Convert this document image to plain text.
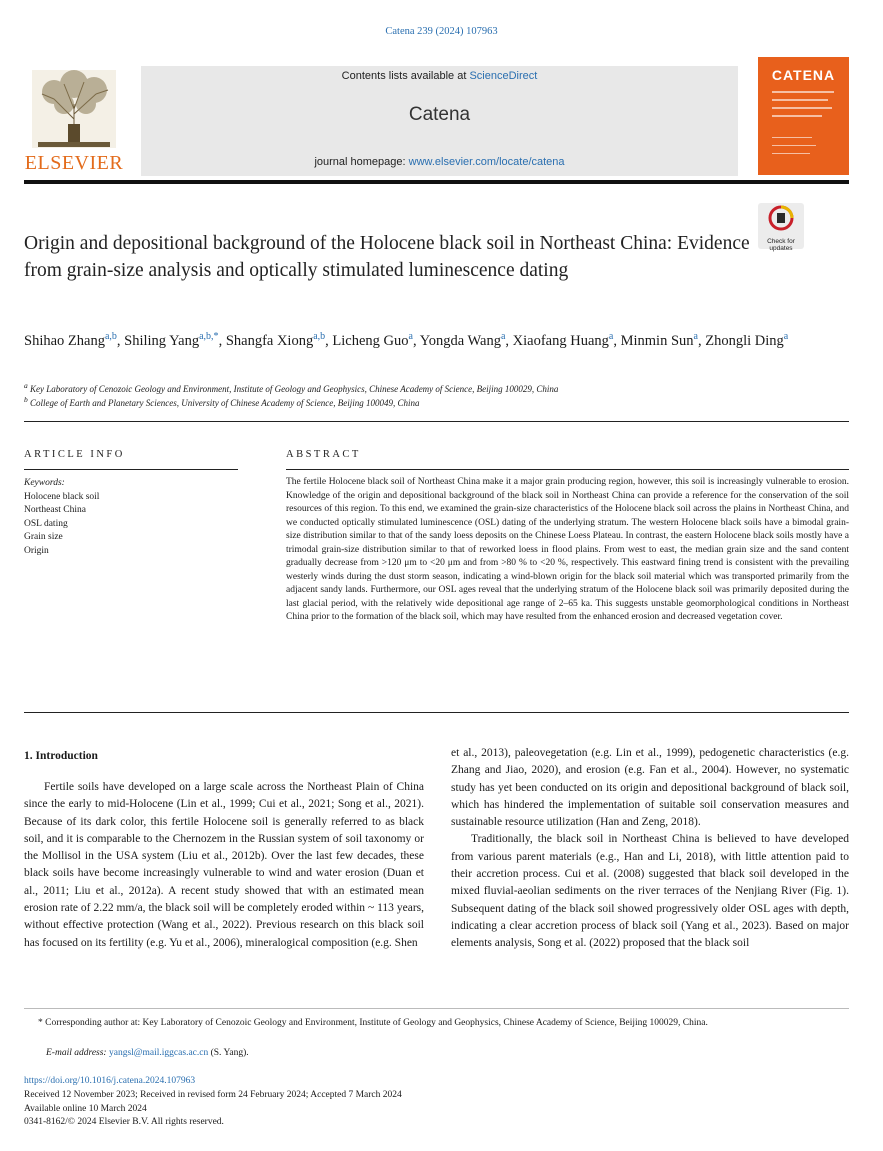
Catena 239 (2024) 107963
ELSEVIER
Contents lists available at ScienceDirect
Catena
journal homepage: www.elsevier.com/locate/catena
CATENA
Check for updates
Origin and depositional background of the Holocene black soil in Northeast China: Evidence from grain-size analysis and optically stimulated luminescence dating
Shihao Zhang$^{a,b}$, Shiling Yang$^{a,b,*}$, Shangfa Xiong$^{a,b}$, Licheng Guo$^a$, Yongda Wang$^a$, Xiaofang Huang$^a$, Minmin Sun$^a$, Zhongli Ding$^a$
$^a$ Key Laboratory of Cenozoic Geology and Environment, Institute of Geology and Geophysics, Chinese Academy of Science, Beijing 100029, China
$^b$ College of Earth and Planetary Sciences, University of Chinese Academy of Science, Beijing 100049, China
ARTICLE INFO	ABSTRACT
Keywords:
Holocene black soil
Northeast China
OSL dating
Grain size
Origin
The fertile Holocene black soil of Northeast China make it a major grain producing region, however, this soil is increasingly vulnerable to erosion. Knowledge of the origin and depositional background of the black soil in Northeast China can provide a reference for the conservation of the soil resources of this region. To this end, we examined the grain-size characteristics of the Holocene black soil across the plains in Northeast China, and we conducted optically stimulated luminescence (OSL) dating of the underlying stratum. The western Holocene black soils have a bimodal grain-size distribution similar to that of the sandy loess deposits on the Chinese Loess Plateau. In contrast, the eastern Holocene black soils mostly have a trimodal grain-size distribution similar to that of reworked loess in flood plains. From west to east, the median grain size and the sand content gradually decrease from >120 μm to <20 μm and from >80 % to <20 %, respectively. This eastward fining trend is consistent with the prevailing westerly winds during the dust storm season, indicating a wind-blown origin for the black soil material which was transported primarily from the adjacent sandy lands. Furthermore, our OSL ages reveal that the underlying stratum of the Holocene black soil was primarily deposited during the last glacial period, with the relatively wide depositional age range of 2–65 ka. This suggests unstable geomorphological conditions in Northeast China prior to the formation of the black soil, which may have resulted from the enhanced erosion and decreased vegetation cover.
1. Introduction

Fertile soils have developed on a large scale across the Northeast Plain of China since the early to mid-Holocene (Lin et al., 1999; Cui et al., 2021; Song et al., 2021). Because of its dark color, this fertile Holocene soil is generally referred to as black soil, and it is comparable to the Chernozem in the Russian system of soil taxonomy or the Mollisol in the USA system (Liu et al., 2012b). Over the last few decades, these black soils have become increasingly vulnerable to wind and water erosion (Duan et al., 2011; Liu et al., 2012a). A recent study showed that with an estimated mean erosion rate of 2.22 mm/a, the black soil will be completely eroded within ~ 113 years, without effective protection (Wang et al., 2022). Previous research on this black soil has focused on its fertility (e.g. Yu et al., 2006), mineralogical composition (e.g. Shen

et al., 2013), paleovegetation (e.g. Lin et al., 1999), pedogenetic characteristics (e.g. Zhang and Jiao, 2020), and erosion (e.g. Fan et al., 2004). However, no systematic study has yet been conducted on its origin and depositional background of black soil, which has hindered the implementation of suitable soil conservation measures and sustainable resource utilization (Han and Zeng, 2018).

Traditionally, the black soil in Northeast China is believed to have developed from various parent materials (e.g., Han and Li, 2018), with little attention paid to their accretion process. Cui et al. (2008) suggested that black soil developed in the mixed fluvial-aeolian sediments on the river terraces of the Nenjiang River (Fig. 1). Subsequent dating of the black soil showed progressively older OSL ages with depth, indicating a clear accretion process of black soil (Yang et al., 2023). Based on major elements analysis, Song et al. (2022) proposed that the black soil

* Corresponding author at: Key Laboratory of Cenozoic Geology and Environment, Institute of Geology and Geophysics, Chinese Academy of Science, Beijing 100029, China.
E-mail address: yangsl@mail.iggcas.ac.cn (S. Yang).
https://doi.org/10.1016/j.catena.2024.107963
Received 12 November 2023; Received in revised form 24 February 2024; Accepted 7 March 2024
Available online 10 March 2024
0341-8162/© 2024 Elsevier B.V. All rights reserved.
